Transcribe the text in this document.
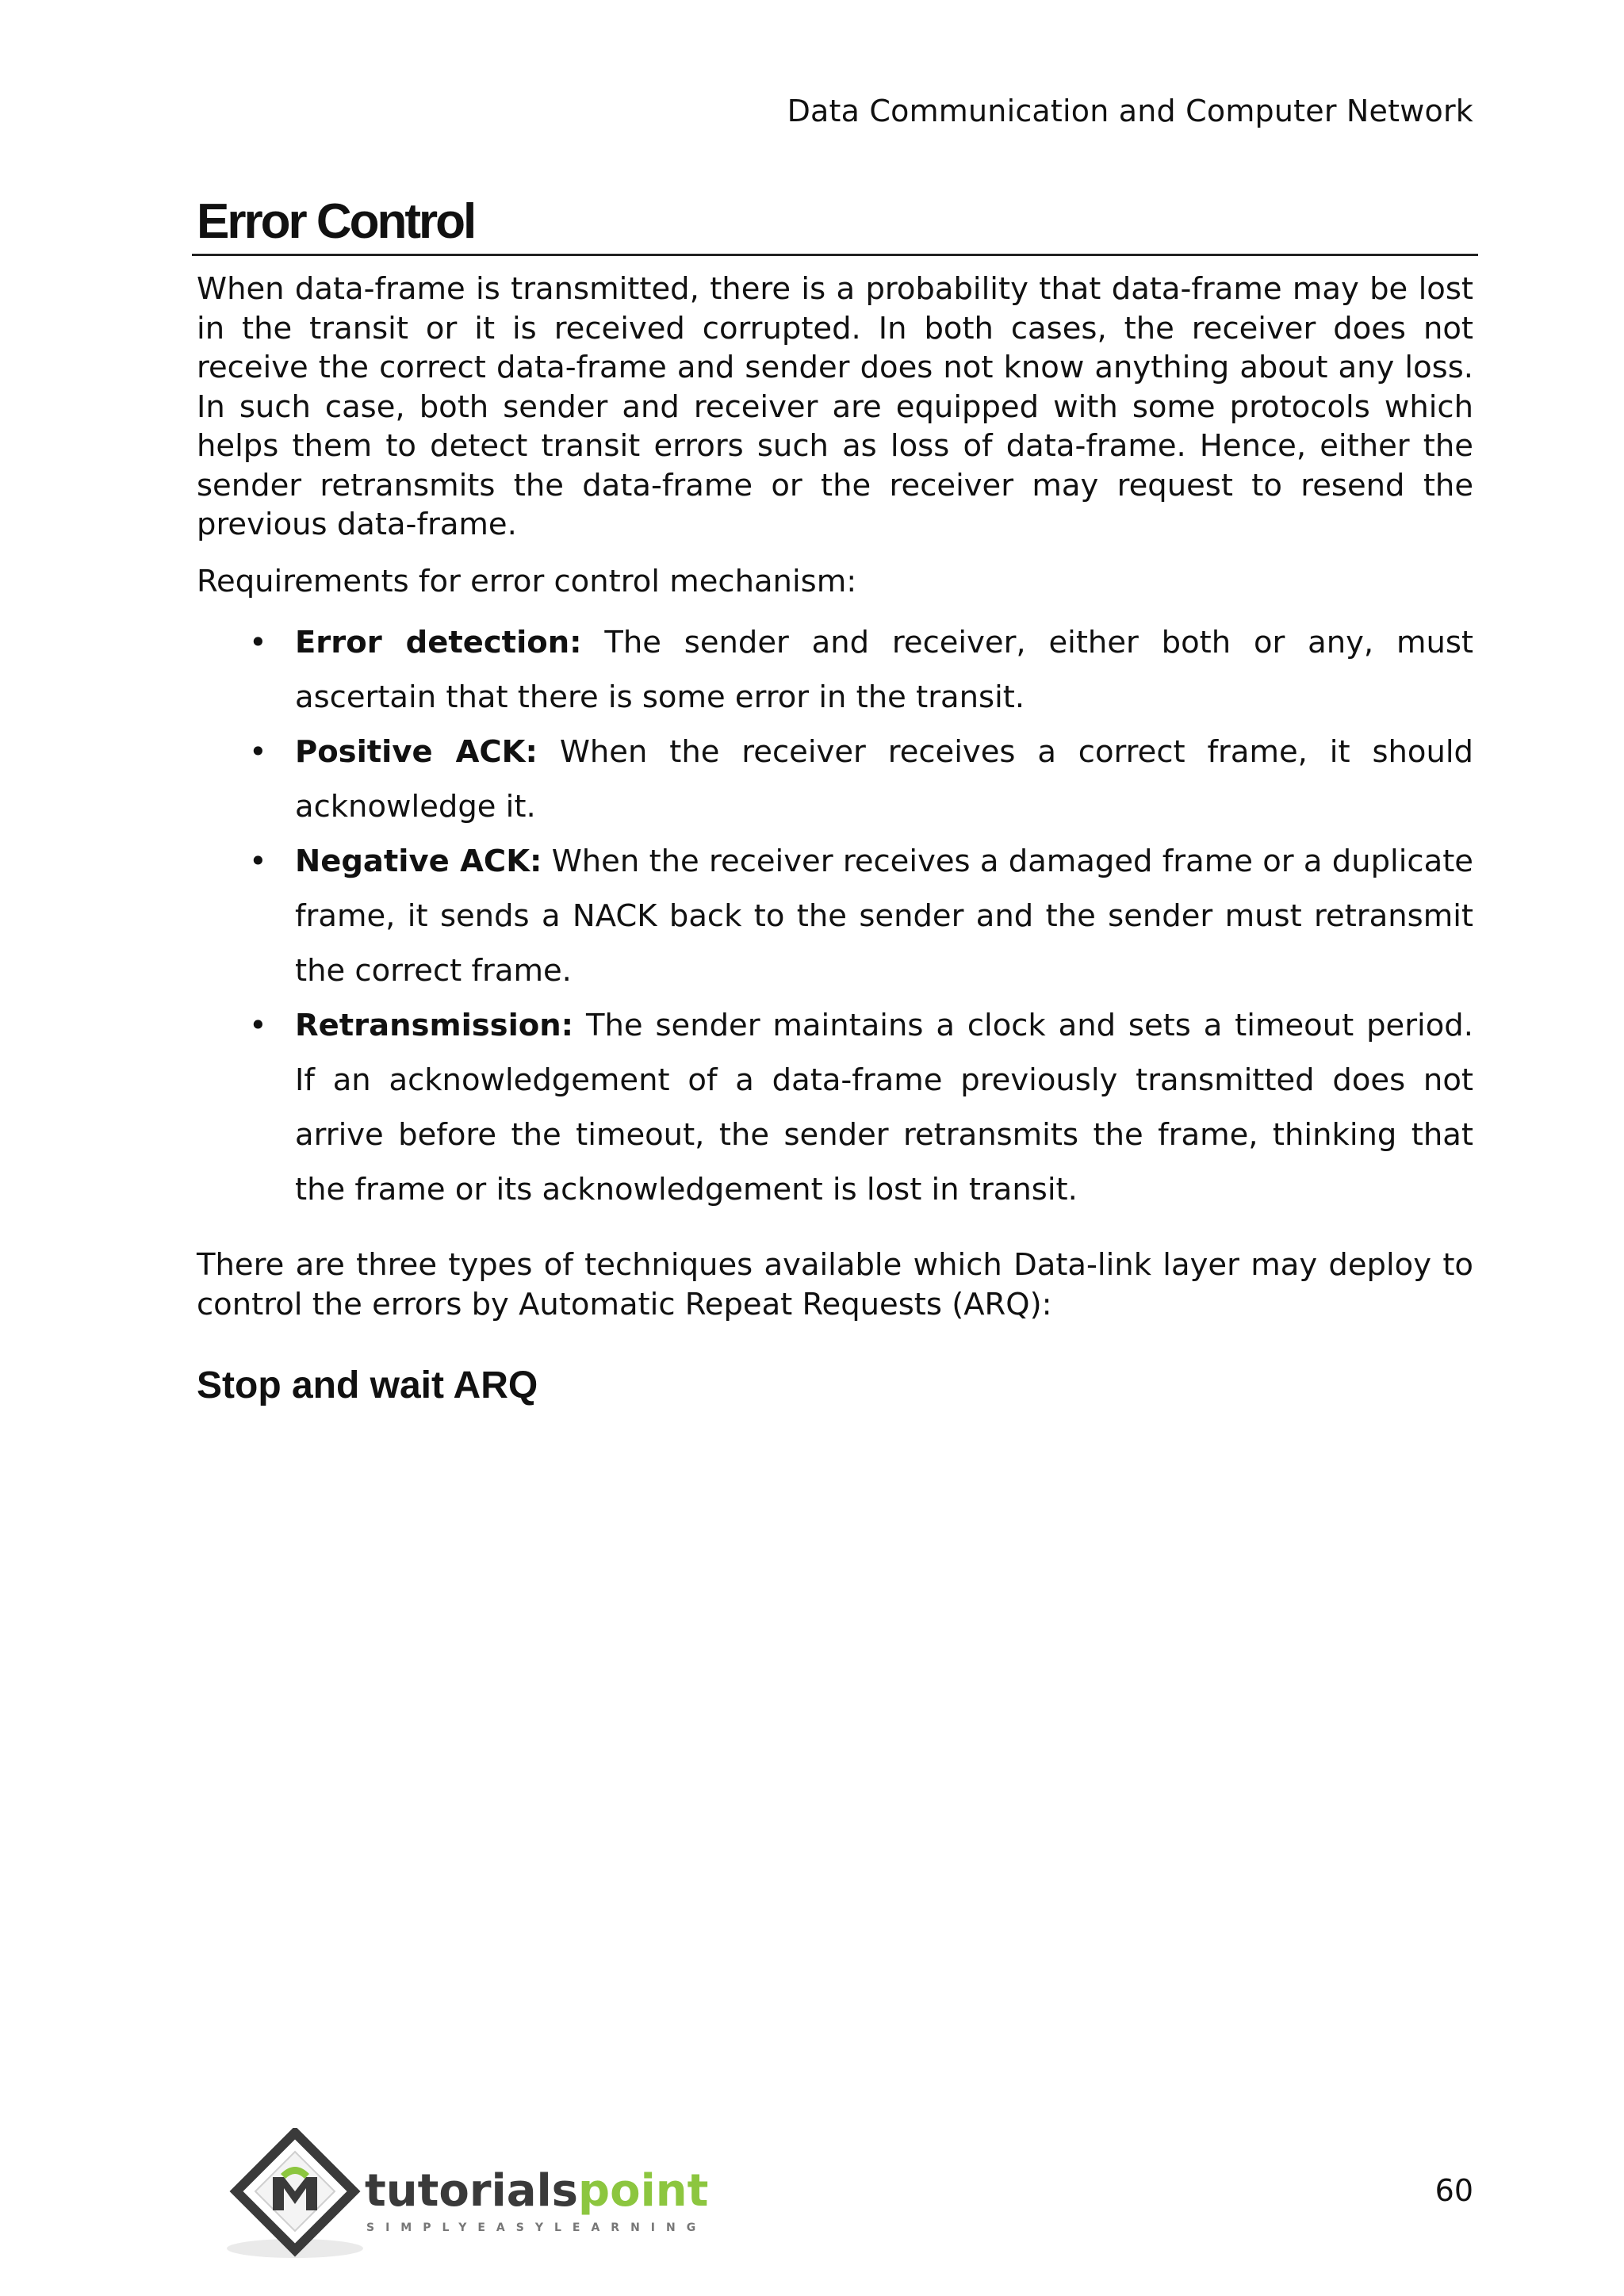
Data Communication and Computer Network
Error Control

When data-frame is transmitted, there is a probability that data-frame may be lost in the transit or it is received corrupted. In both cases, the receiver does not receive the correct data-frame and sender does not know anything about any loss. In such case, both sender and receiver are equipped with some protocols which helps them to detect transit errors such as loss of data-frame. Hence, either the sender retransmits the data-frame or the receiver may request to resend the previous data-frame.

Requirements for error control mechanism:

• Error detection: The sender and receiver, either both or any, must ascertain that there is some error in the transit.
• Positive ACK: When the receiver receives a correct frame, it should acknowledge it.
• Negative ACK: When the receiver receives a damaged frame or a duplicate frame, it sends a NACK back to the sender and the sender must retransmit the correct frame.
• Retransmission: The sender maintains a clock and sets a timeout period. If an acknowledgement of a data-frame previously transmitted does not arrive before the timeout, the sender retransmits the frame, thinking that the frame or its acknowledgement is lost in transit.

There are three types of techniques available which Data-link layer may deploy to control the errors by Automatic Repeat Requests (ARQ):

Stop and wait ARQ
tutorialspoint
SIMPLYEASYLEARNING
60
